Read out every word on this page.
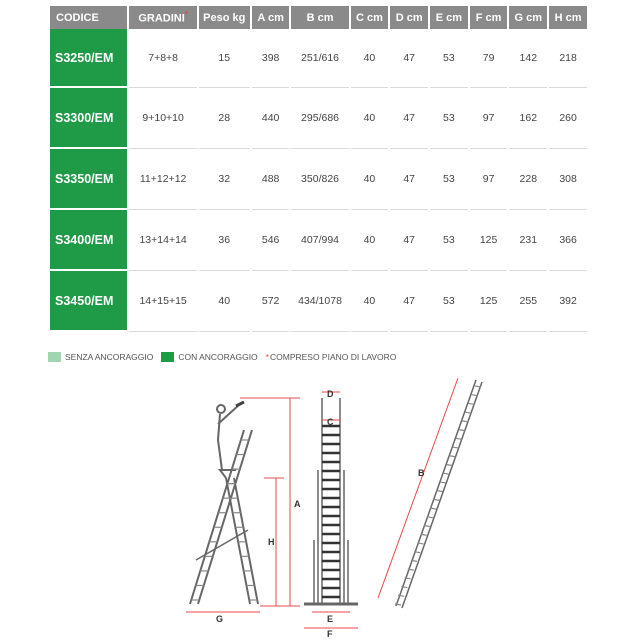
CODICE	GRADINI*	Peso kg	A cm	B cm	C cm	D cm	E cm	F cm	G cm	H cm
S3250/EM	7+8+8	15	398	251/616	40	47	53	79	142	218
S3300/EM	9+10+10	28	440	295/686	40	47	53	97	162	260
S3350/EM	11+12+12	32	488	350/826	40	47	53	97	228	308
S3400/EM	13+14+14	36	546	407/994	40	47	53	125	231	366
S3450/EM	14+15+15	40	572	434/1078	40	47	53	125	255	392
SENZA ANCORAGGIO	CON ANCORAGGIO * COMPRESO PIANO DI LAVORO
A
H
G
D
C
E
F
B
